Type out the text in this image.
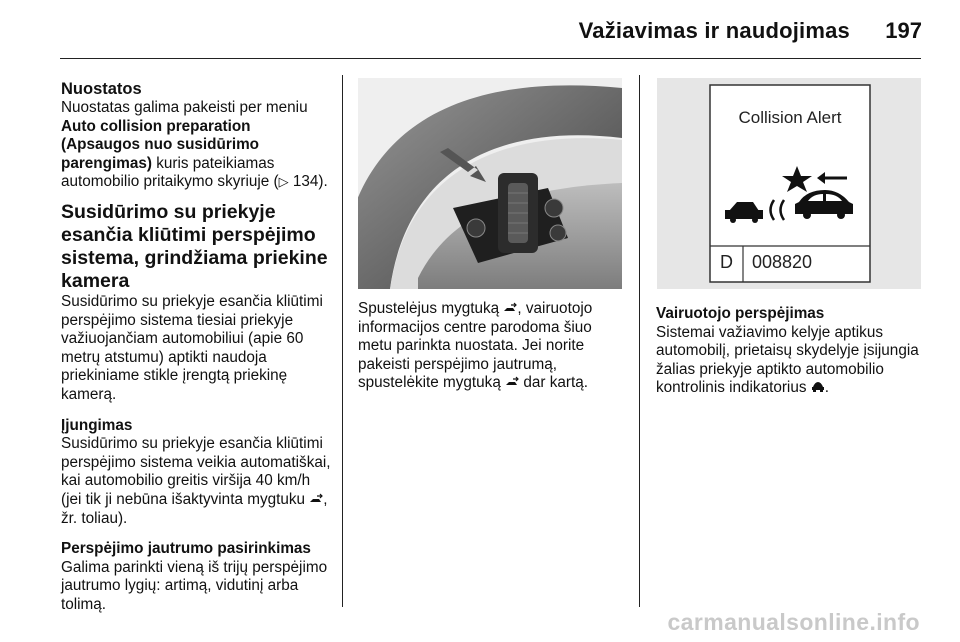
Važiavimas ir naudojimas 197
Nuostatos

Nuostatas galima pakeisti per meniu Auto collision preparation (Apsaugos nuo susidūrimo parengimas) kuris pateikiamas automobilio pritaikymo skyriuje (▷ 134).

Susidūrimo su priekyje esančia kliūtimi perspėjimo sistema, grindžiama priekine kamera

Susidūrimo su priekyje esančia kliūtimi perspėjimo sistema tiesiai priekyje važiuojančiam automobiliui (apie 60 metrų atstumu) aptikti naudoja priekiniame stikle įrengtą priekinę kamerą.

Įjungimas

Susidūrimo su priekyje esančia kliūtimi perspėjimo sistema veikia automatiškai, kai automobilio greitis viršija 40 km/h (jei tik ji nebūna išaktyvinta mygtuku , žr. toliau).

Perspėjimo jautrumo pasirinkimas

Galima parinkti vieną iš trijų perspėjimo jautrumo lygių: artimą, vidutinį arba tolimą.

Spustelėjus mygtuką , vairuotojo informacijos centre parodoma šiuo metu parinkta nuostata. Jei norite pakeisti perspėjimo jautrumą, spustelėkite mygtuką  dar kartą.

Collision Alert
D	008820
Vairuotojo perspėjimas

Sistemai važiavimo kelyje aptikus automobilį, prietaisų skydelyje įsijungia žalias priekyje aptikto automobilio kontrolinis indikatorius .

carmanualsonline.info
